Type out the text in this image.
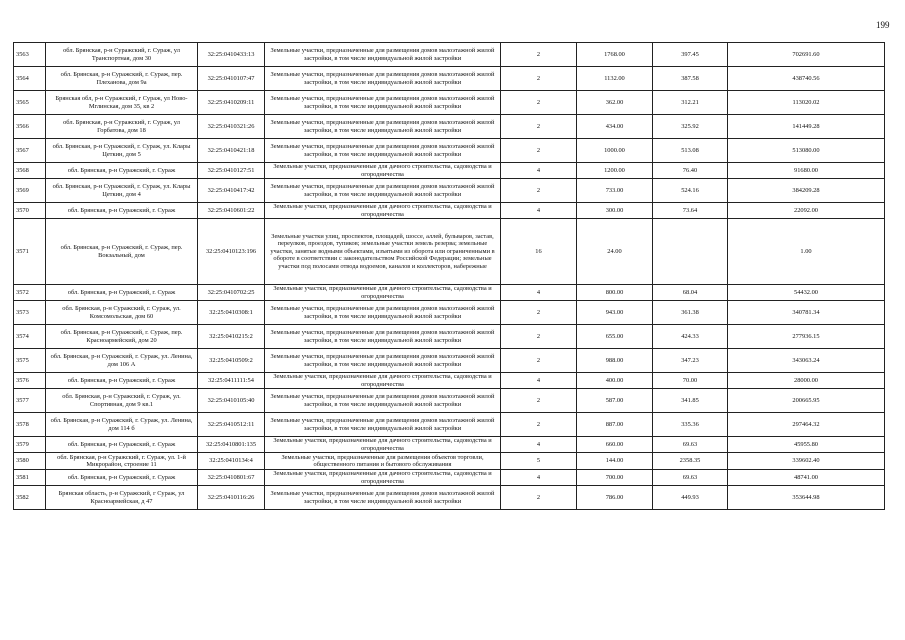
199
3563	обл. Брянская, р-н Суражский, г. Сураж, ул Транспортная, дом 30	32:25:0410433:13	Земельные участки, предназначенные для размещения домов малоэтажной жилой застройки, в том числе индивидуальной жилой застройки	2	1768.00	397.45	702691.60
3564	обл. Брянская, р-н Суражский, г. Сураж, пер. Плеханова, дом 9а	32:25:0410107:47	Земельные участки, предназначенные для размещения домов малоэтажной жилой застройки, в том числе индивидуальной жилой застройки	2	1132.00	387.58	438740.56
3565	Брянская обл, р-н Суражский, г Сураж, ул Ново-Мглинская, дом 35, кв 2	32:25:0410209:11	Земельные участки, предназначенные для размещения домов малоэтажной жилой застройки, в том числе индивидуальной жилой застройки	2	362.00	312.21	113020.02
3566	обл. Брянская, р-н Суражский, г. Сураж, ул Горбатова, дом 18	32:25:0410321:26	Земельные участки, предназначенные для размещения домов малоэтажной жилой застройки, в том числе индивидуальной жилой застройки	2	434.00	325.92	141449.28
3567	обл. Брянская, р-н Суражский, г. Сураж, ул. Клары Цеткин, дом 5	32:25:0410421:18	Земельные участки, предназначенные для размещения домов малоэтажной жилой застройки, в том числе индивидуальной жилой застройки	2	1000.00	513.08	513080.00
3568	обл. Брянская, р-н Суражский, г. Сураж	32:25:0410127:51	Земельные участки, предназначенные для дачного строительства, садоводства и огородничества	4	1200.00	76.40	91680.00
3569	обл. Брянская, р-н Суражский, г. Сураж, ул. Клары Цеткин, дом 4	32:25:0410417:42	Земельные участки, предназначенные для размещения домов малоэтажной жилой застройки, в том числе индивидуальной жилой застройки	2	733.00	524.16	384209.28
3570	обл. Брянская, р-н Суражский, г. Сураж	32:25:0410601:22	Земельные участки, предназначенные для дачного строительства, садоводства и огородничества	4	300.00	73.64	22092.00
3571	обл. Брянская, р-н Суражский, г. Сураж, пер. Вокзальный, дом	32:25:0410123:196	Земельные участки улиц, проспектов, площадей, шоссе, аллей, бульваров, застав, переулков, проездов, тупиков; земельные участки земель резерва; земельные участки, занятые водными объектами, изъятыми из оборота или ограниченными в обороте в соответствии с законодательством Российской Федерации; земельные участки под полосами отвода водоемов, каналов и коллекторов, набережные	16	24.00		1.00
3572	обл. Брянская, р-н Суражский, г. Сураж	32:25:0410702:25	Земельные участки, предназначенные для дачного строительства, садоводства и огородничества	4	800.00	68.04	54432.00
3573	обл. Брянская, р-н Суражский, г. Сураж, ул. Комсомольская, дом 60	32:25:0410308:1	Земельные участки, предназначенные для размещения домов малоэтажной жилой застройки, в том числе индивидуальной жилой застройки	2	943.00	361.38	340781.34
3574	обл. Брянская, р-н Суражский, г. Сураж, пер. Красноармейский, дом 20	32:25:0410215:2	Земельные участки, предназначенные для размещения домов малоэтажной жилой застройки, в том числе индивидуальной жилой застройки	2	655.00	424.33	277936.15
3575	обл. Брянская, р-н Суражский, г. Сураж, ул. Ленина, дом 106 А	32:25:0410509:2	Земельные участки, предназначенные для размещения домов малоэтажной жилой застройки, в том числе индивидуальной жилой застройки	2	988.00	347.23	343063.24
3576	обл. Брянская, р-н Суражский, г. Сураж	32:25:0411111:54	Земельные участки, предназначенные для дачного строительства, садоводства и огородничества	4	400.00	70.00	28000.00
3577	обл. Брянская, р-н Суражский, г. Сураж, ул. Спортивная, дом 9 кв.1	32:25:0410105:40	Земельные участки, предназначенные для размещения домов малоэтажной жилой застройки, в том числе индивидуальной жилой застройки	2	587.00	341.85	200665.95
3578	обл. Брянская, р-н Суражский, г. Сураж, ул. Ленина, дом 114 б	32:25:0410512:11	Земельные участки, предназначенные для размещения домов малоэтажной жилой застройки, в том числе индивидуальной жилой застройки	2	887.00	335.36	297464.32
3579	обл. Брянская, р-н Суражский, г. Сураж	32:25:0410801:135	Земельные участки, предназначенные для дачного строительства, садоводства и огородничества	4	660.00	69.63	45955.80
3580	обл. Брянская, р-н Суражский, г. Сураж, ул. 1-й Микрорайон, строение 11	32:25:0410134:4	Земельные участки, предназначенные для размещения объектов торговли, общественного питания и бытового обслуживания	5	144.00	2358.35	339602.40
3581	обл. Брянская, р-н Суражский, г. Сураж	32:25:0410801:67	Земельные участки, предназначенные для дачного строительства, садоводства и огородничества	4	700.00	69.63	48741.00
3582	Брянская область, р-н Суражский, г Сураж, ул Красноармейская, д 47	32:25:0410116:26	Земельные участки, предназначенные для размещения домов малоэтажной жилой застройки, в том числе индивидуальной жилой застройки	2	786.00	449.93	353644.98
